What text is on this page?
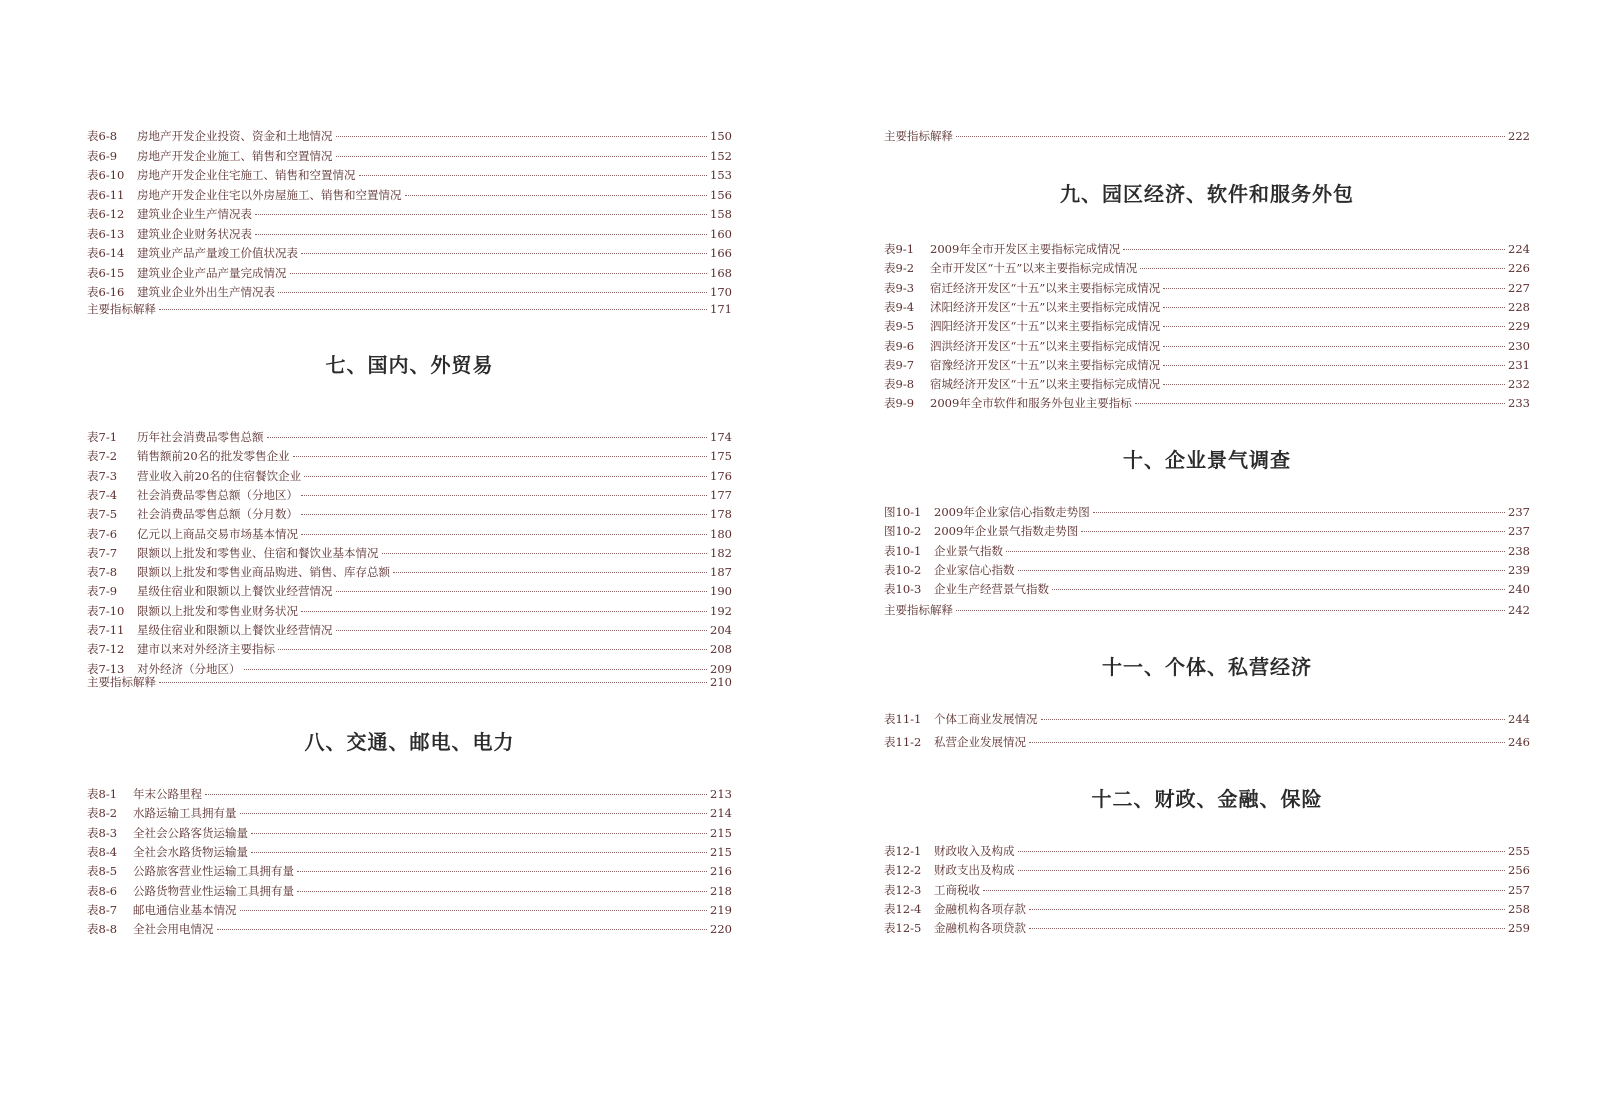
表6-8	房地产开发企业投资、资金和土地情况	150
表6-9	房地产开发企业施工、销售和空置情况	152
表6-10	房地产开发企业住宅施工、销售和空置情况	153
表6-11	房地产开发企业住宅以外房屋施工、销售和空置情况	156
表6-12	建筑业企业生产情况表	158
表6-13	建筑业企业财务状况表	160
表6-14	建筑业产品产量竣工价值状况表	166
表6-15	建筑业企业产品产量完成情况	168
表6-16	建筑业企业外出生产情况表	170
主要指标解释	171
七、国内、外贸易
表7-1	历年社会消费品零售总额	174
表7-2	销售额前20名的批发零售企业	175
表7-3	营业收入前20名的住宿餐饮企业	176
表7-4	社会消费品零售总额（分地区）	177
表7-5	社会消费品零售总额（分月数）	178
表7-6	亿元以上商品交易市场基本情况	180
表7-7	限额以上批发和零售业、住宿和餐饮业基本情况	182
表7-8	限额以上批发和零售业商品购进、销售、库存总额	187
表7-9	星级住宿业和限额以上餐饮业经营情况	190
表7-10	限额以上批发和零售业财务状况	192
表7-11	星级住宿业和限额以上餐饮业经营情况	204
表7-12	建市以来对外经济主要指标	208
表7-13	对外经济（分地区）	209
主要指标解释	210
八、交通、邮电、电力
表8-1	年末公路里程	213
表8-2	水路运输工具拥有量	214
表8-3	全社会公路客货运输量	215
表8-4	全社会水路货物运输量	215
表8-5	公路旅客营业性运输工具拥有量	216
表8-6	公路货物营业性运输工具拥有量	218
表8-7	邮电通信业基本情况	219
表8-8	全社会用电情况	220
主要指标解释	222
九、园区经济、软件和服务外包
表9-1	2009年全市开发区主要指标完成情况	224
表9-2	全市开发区“十五”以来主要指标完成情况	226
表9-3	宿迁经济开发区“十五”以来主要指标完成情况	227
表9-4	沭阳经济开发区“十五”以来主要指标完成情况	228
表9-5	泗阳经济开发区“十五”以来主要指标完成情况	229
表9-6	泗洪经济开发区“十五”以来主要指标完成情况	230
表9-7	宿豫经济开发区“十五”以来主要指标完成情况	231
表9-8	宿城经济开发区“十五”以来主要指标完成情况	232
表9-9	2009年全市软件和服务外包业主要指标	233
十、企业景气调查
图10-1	2009年企业家信心指数走势图	237
图10-2	2009年企业景气指数走势图	237
表10-1	企业景气指数	238
表10-2	企业家信心指数	239
表10-3	企业生产经营景气指数	240
主要指标解释	242
十一、个体、私营经济
表11-1	个体工商业发展情况	244
表11-2	私营企业发展情况	246
十二、财政、金融、保险
表12-1	财政收入及构成	255
表12-2	财政支出及构成	256
表12-3	工商税收	257
表12-4	金融机构各项存款	258
表12-5	金融机构各项贷款	259
